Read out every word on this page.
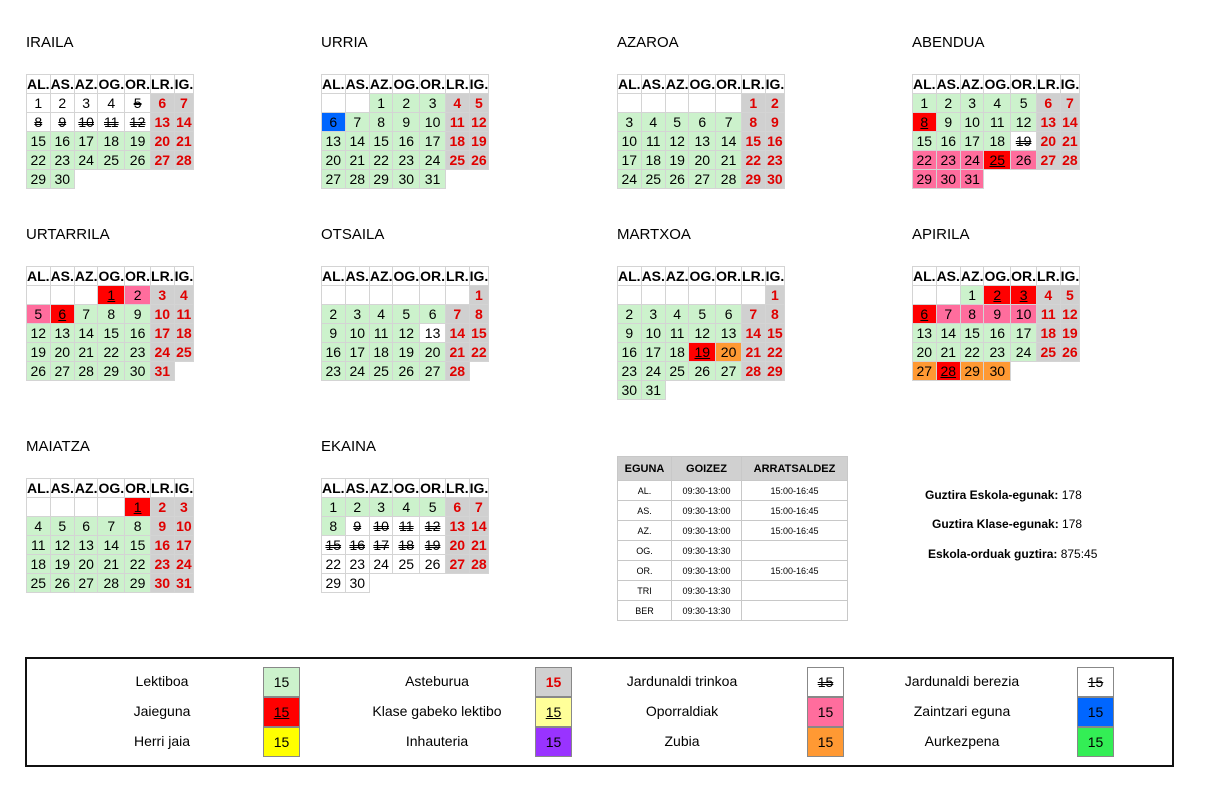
IRAILA
AL.	AS.	AZ.	OG.	OR.	LR.	IG.
1	2	3	4	5	6	7
8	9	10	11	12	13	14
15	16	17	18	19	20	21
22	23	24	25	26	27	28
29	30					
URRIA
AL.	AS.	AZ.	OG.	OR.	LR.	IG.
		1	2	3	4	5
6	7	8	9	10	11	12
13	14	15	16	17	18	19
20	21	22	23	24	25	26
27	28	29	30	31		
AZAROA
AL.	AS.	AZ.	OG.	OR.	LR.	IG.
					1	2
3	4	5	6	7	8	9
10	11	12	13	14	15	16
17	18	19	20	21	22	23
24	25	26	27	28	29	30
ABENDUA
AL.	AS.	AZ.	OG.	OR.	LR.	IG.
1	2	3	4	5	6	7
8	9	10	11	12	13	14
15	16	17	18	19	20	21
22	23	24	25	26	27	28
29	30	31				
URTARRILA
AL.	AS.	AZ.	OG.	OR.	LR.	IG.
			1	2	3	4
5	6	7	8	9	10	11
12	13	14	15	16	17	18
19	20	21	22	23	24	25
26	27	28	29	30	31	
OTSAILA
AL.	AS.	AZ.	OG.	OR.	LR.	IG.
						1
2	3	4	5	6	7	8
9	10	11	12	13	14	15
16	17	18	19	20	21	22
23	24	25	26	27	28	
MARTXOA
AL.	AS.	AZ.	OG.	OR.	LR.	IG.
						1
2	3	4	5	6	7	8
9	10	11	12	13	14	15
16	17	18	19	20	21	22
23	24	25	26	27	28	29
30	31					
APIRILA
AL.	AS.	AZ.	OG.	OR.	LR.	IG.
		1	2	3	4	5
6	7	8	9	10	11	12
13	14	15	16	17	18	19
20	21	22	23	24	25	26
27	28	29	30			
MAIATZA
AL.	AS.	AZ.	OG.	OR.	LR.	IG.
				1	2	3
4	5	6	7	8	9	10
11	12	13	14	15	16	17
18	19	20	21	22	23	24
25	26	27	28	29	30	31
EKAINA
AL.	AS.	AZ.	OG.	OR.	LR.	IG.
1	2	3	4	5	6	7
8	9	10	11	12	13	14
15	16	17	18	19	20	21
22	23	24	25	26	27	28
29	30					
EGUNA	GOIZEZ	ARRATSALDEZ
AL.	09:30-13:00	15:00-16:45
AS.	09:30-13:00	15:00-16:45
AZ.	09:30-13:00	15:00-16:45
OG.	09:30-13:30	
OR.	09:30-13:00	15:00-16:45
TRI	09:30-13:30	
BER	09:30-13:30	
Guztira Eskola-egunak: 178
Guztira Klase-egunak: 178
Eskola-orduak guztira: 875:45
Lektiboa	15	Asteburua	15	Jardunaldi trinkoa	15	Jardunaldi berezia	15
Jaieguna	15	Klase gabeko lektibo	15	Oporraldiak	15	Zaintzari eguna	15
Herri jaia	15	Inhauteria	15	Zubia	15	Aurkezpena	15
